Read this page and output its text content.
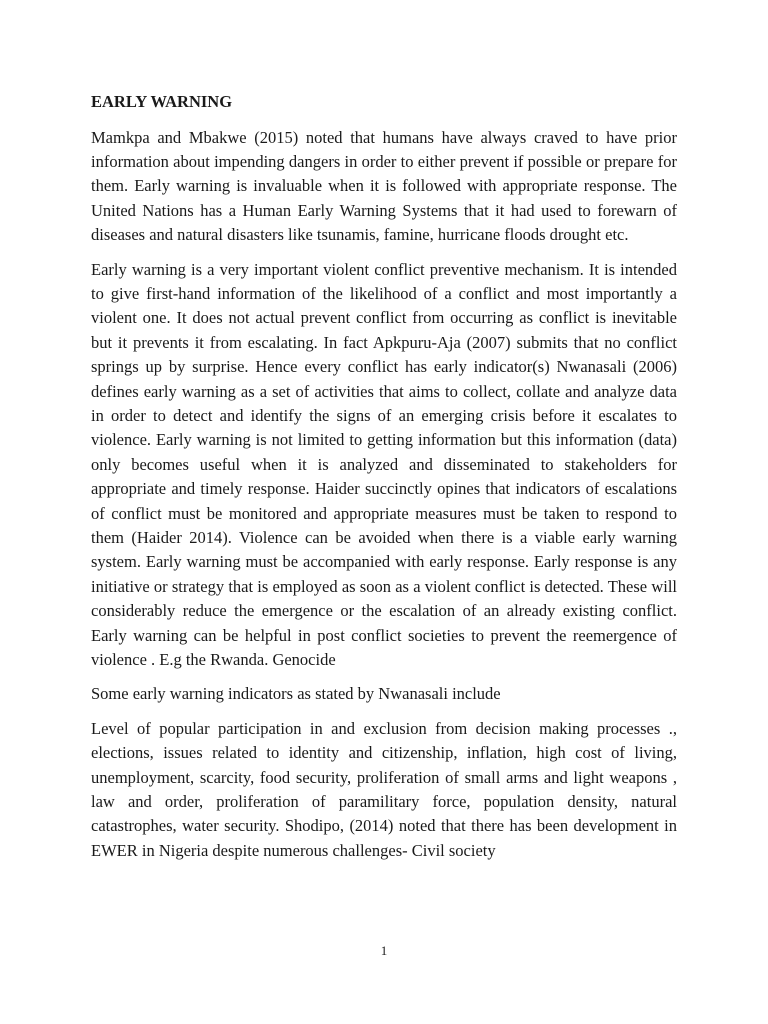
EARLY WARNING

Mamkpa and Mbakwe (2015) noted that humans have always craved to have prior information about impending dangers in order to either prevent if possible or prepare for them. Early warning is invaluable when it is followed with appropriate response. The United Nations has a Human Early Warning Systems that it had used to forewarn of diseases and natural disasters like tsunamis, famine, hurricane floods drought etc.

Early warning is a very important violent conflict preventive mechanism. It is intended to give first-hand information of the likelihood of a conflict and most importantly a violent one. It does not actual prevent conflict from occurring as conflict is inevitable but it prevents it from escalating. In fact Apkpuru-Aja (2007) submits that no conflict springs up by surprise. Hence every conflict has early indicator(s) Nwanasali (2006) defines early warning as a set of activities that aims to collect, collate and analyze data in order to detect and identify the signs of an emerging crisis before it escalates to violence. Early warning is not limited to getting information but this information (data) only becomes useful when it is analyzed and disseminated to stakeholders for appropriate and timely response. Haider succinctly opines that indicators of escalations of conflict must be monitored and appropriate measures must be taken to respond to them (Haider 2014). Violence can be avoided when there is a viable early warning system. Early warning must be accompanied with early response. Early response is any initiative or strategy that is employed as soon as a violent conflict is detected. These will considerably reduce the emergence or the escalation of an already existing conflict. Early warning can be helpful in post conflict societies to prevent the reemergence of violence . E.g the Rwanda. Genocide

Some early warning indicators as stated by Nwanasali include

Level of popular participation in and exclusion from decision making processes ., elections, issues related to identity and citizenship, inflation, high cost of living, unemployment, scarcity, food security, proliferation of small arms and light weapons , law and order, proliferation of paramilitary force, population density, natural catastrophes, water security. Shodipo, (2014) noted that there has been development in EWER in Nigeria despite numerous challenges- Civil society

1
